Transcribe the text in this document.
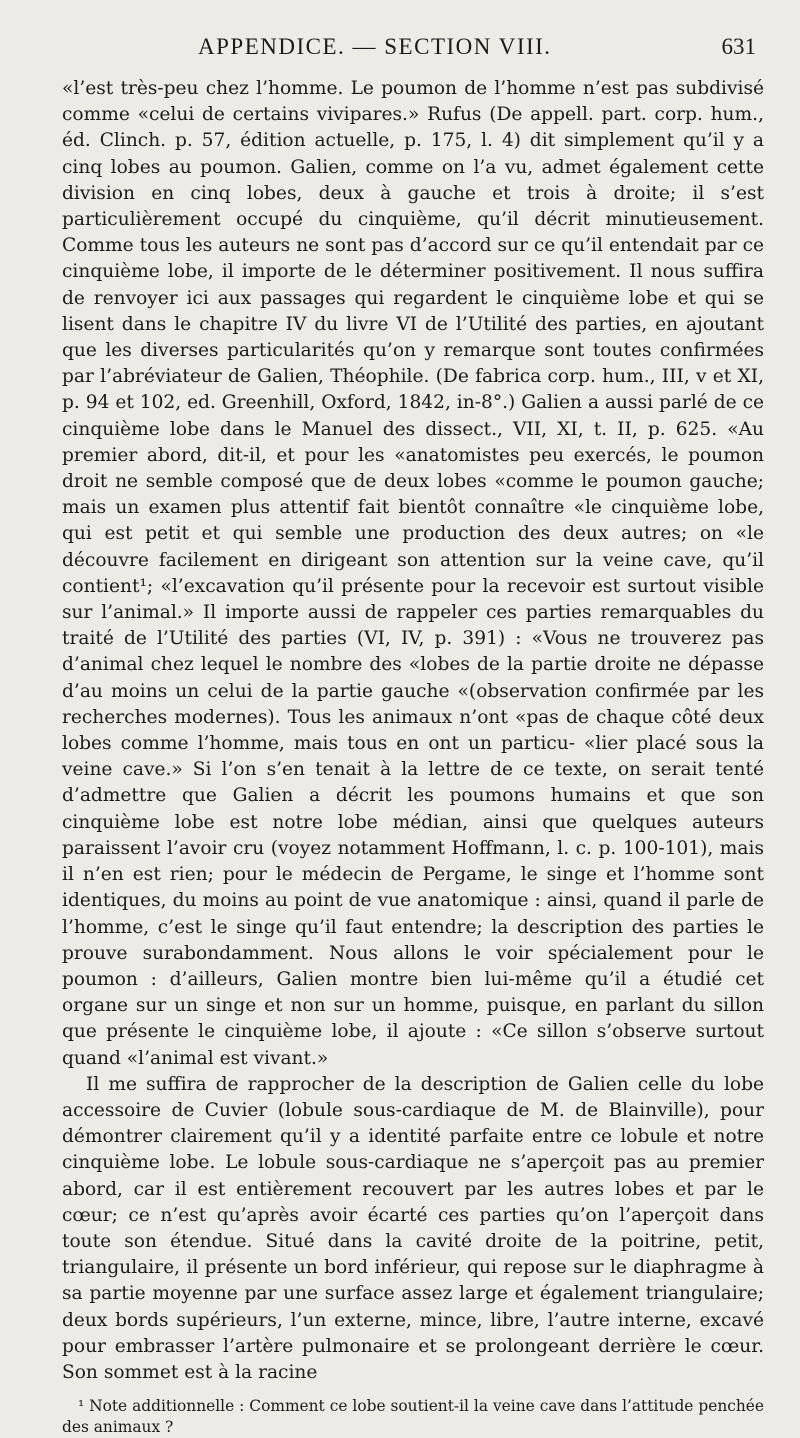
APPENDICE. — SECTION VIII.	631

«l’est très-peu chez l’homme. Le poumon de l’homme n’est pas subdivisé comme «celui de certains vivipares.» Rufus (De appell. part. corp. hum., éd. Clinch. p. 57, édition actuelle, p. 175, l. 4) dit simplement qu’il y a cinq lobes au poumon. Galien, comme on l’a vu, admet également cette division en cinq lobes, deux à gauche et trois à droite; il s’est particulièrement occupé du cinquième, qu’il décrit minutieusement. Comme tous les auteurs ne sont pas d’accord sur ce qu’il entendait par ce cinquième lobe, il importe de le déterminer positivement. Il nous suffira de renvoyer ici aux passages qui regardent le cinquième lobe et qui se lisent dans le chapitre IV du livre VI de l’Utilité des parties, en ajoutant que les diverses particularités qu’on y remarque sont toutes confirmées par l’abréviateur de Galien, Théophile. (De fabrica corp. hum., III, v et XI, p. 94 et 102, ed. Greenhill, Oxford, 1842, in-8°.) Galien a aussi parlé de ce cinquième lobe dans le Manuel des dissect., VII, XI, t. II, p. 625. «Au premier abord, dit-il, et pour les «anatomistes peu exercés, le poumon droit ne semble composé que de deux lobes «comme le poumon gauche; mais un examen plus attentif fait bientôt connaître «le cinquième lobe, qui est petit et qui semble une production des deux autres; on «le découvre facilement en dirigeant son attention sur la veine cave, qu’il contient¹; «l’excavation qu’il présente pour la recevoir est surtout visible sur l’animal.» Il importe aussi de rappeler ces parties remarquables du traité de l’Utilité des parties (VI, IV, p. 391) : «Vous ne trouverez pas d’animal chez lequel le nombre des «lobes de la partie droite ne dépasse d’au moins un celui de la partie gauche «(observation confirmée par les recherches modernes). Tous les animaux n’ont «pas de chaque côté deux lobes comme l’homme, mais tous en ont un particu- «lier placé sous la veine cave.» Si l’on s’en tenait à la lettre de ce texte, on serait tenté d’admettre que Galien a décrit les poumons humains et que son cinquième lobe est notre lobe médian, ainsi que quelques auteurs paraissent l’avoir cru (voyez notamment Hoffmann, l. c. p. 100-101), mais il n’en est rien; pour le médecin de Pergame, le singe et l’homme sont identiques, du moins au point de vue anatomique : ainsi, quand il parle de l’homme, c’est le singe qu’il faut entendre; la description des parties le prouve surabondamment. Nous allons le voir spécialement pour le poumon : d’ailleurs, Galien montre bien lui-même qu’il a étudié cet organe sur un singe et non sur un homme, puisque, en parlant du sillon que présente le cinquième lobe, il ajoute : «Ce sillon s’observe surtout quand «l’animal est vivant.»

Il me suffira de rapprocher de la description de Galien celle du lobe accessoire de Cuvier (lobule sous-cardiaque de M. de Blainville), pour démontrer clairement qu’il y a identité parfaite entre ce lobule et notre cinquième lobe. Le lobule sous-cardiaque ne s’aperçoit pas au premier abord, car il est entièrement recouvert par les autres lobes et par le cœur; ce n’est qu’après avoir écarté ces parties qu’on l’aperçoit dans toute son étendue. Situé dans la cavité droite de la poitrine, petit, triangulaire, il présente un bord inférieur, qui repose sur le diaphragme à sa partie moyenne par une surface assez large et également triangulaire; deux bords supérieurs, l’un externe, mince, libre, l’autre interne, excavé pour embrasser l’artère pulmonaire et se prolongeant derrière le cœur. Son sommet est à la racine

¹ Note additionnelle : Comment ce lobe soutient-il la veine cave dans l’attitude penchée des animaux ?
